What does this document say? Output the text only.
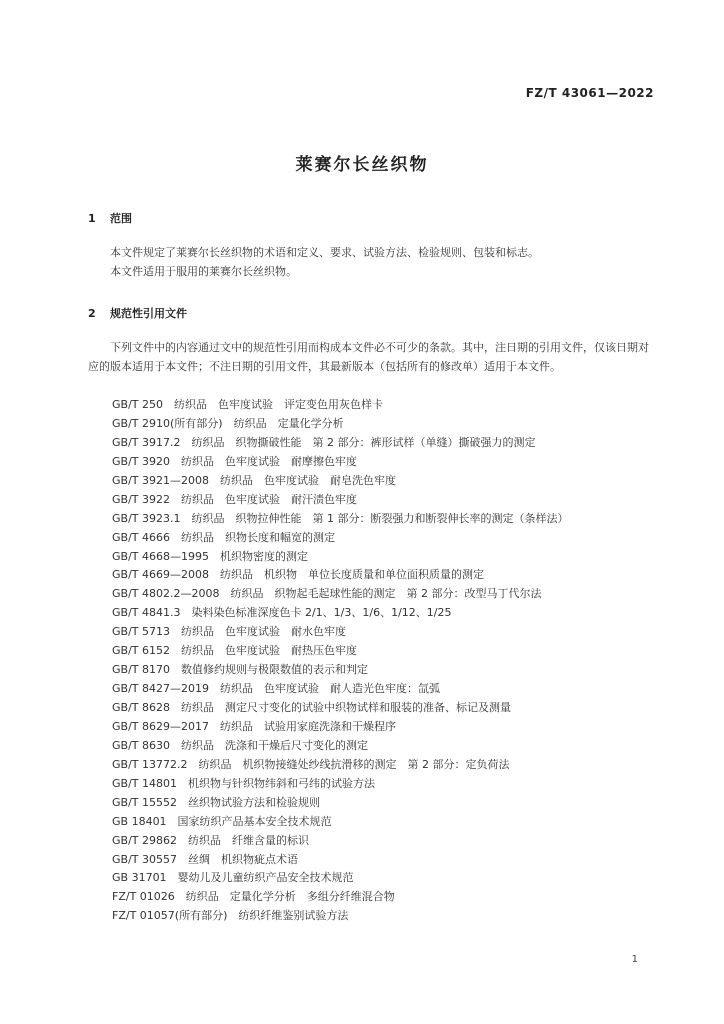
FZ/T 43061—2022
莱赛尔长丝织物
1 范围
本文件规定了莱赛尔长丝织物的术语和定义、要求、试验方法、检验规则、包装和标志。
本文件适用于服用的莱赛尔长丝织物。
2 规范性引用文件
下列文件中的内容通过文中的规范性引用而构成本文件必不可少的条款。其中，注日期的引用文件，仅该日期对应的版本适用于本文件；不注日期的引用文件，其最新版本（包括所有的修改单）适用于本文件。
GB/T 250　纺织品　色牢度试验　评定变色用灰色样卡
GB/T 2910(所有部分)　纺织品　定量化学分析
GB/T 3917.2　纺织品　织物撕破性能　第 2 部分：裤形试样（单缝）撕破强力的测定
GB/T 3920　纺织品　色牢度试验　耐摩擦色牢度
GB/T 3921—2008　纺织品　色牢度试验　耐皂洗色牢度
GB/T 3922　纺织品　色牢度试验　耐汗渍色牢度
GB/T 3923.1　纺织品　织物拉伸性能　第 1 部分：断裂强力和断裂伸长率的测定（条样法）
GB/T 4666　纺织品　织物长度和幅宽的测定
GB/T 4668—1995　机织物密度的测定
GB/T 4669—2008　纺织品　机织物　单位长度质量和单位面积质量的测定
GB/T 4802.2—2008　纺织品　织物起毛起球性能的测定　第 2 部分：改型马丁代尔法
GB/T 4841.3　染料染色标准深度色卡 2/1、1/3、1/6、1/12、1/25
GB/T 5713　纺织品　色牢度试验　耐水色牢度
GB/T 6152　纺织品　色牢度试验　耐热压色牢度
GB/T 8170　数值修约规则与极限数值的表示和判定
GB/T 8427—2019　纺织品　色牢度试验　耐人造光色牢度：氙弧
GB/T 8628　纺织品　测定尺寸变化的试验中织物试样和服装的准备、标记及测量
GB/T 8629—2017　纺织品　试验用家庭洗涤和干燥程序
GB/T 8630　纺织品　洗涤和干燥后尺寸变化的测定
GB/T 13772.2　纺织品　机织物接缝处纱线抗滑移的测定　第 2 部分：定负荷法
GB/T 14801　机织物与针织物纬斜和弓纬的试验方法
GB/T 15552　丝织物试验方法和检验规则
GB 18401　国家纺织产品基本安全技术规范
GB/T 29862　纺织品　纤维含量的标识
GB/T 30557　丝绸　机织物疵点术语
GB 31701　婴幼儿及儿童纺织产品安全技术规范
FZ/T 01026　纺织品　定量化学分析　多组分纤维混合物
FZ/T 01057(所有部分)　纺织纤维鉴别试验方法
1
